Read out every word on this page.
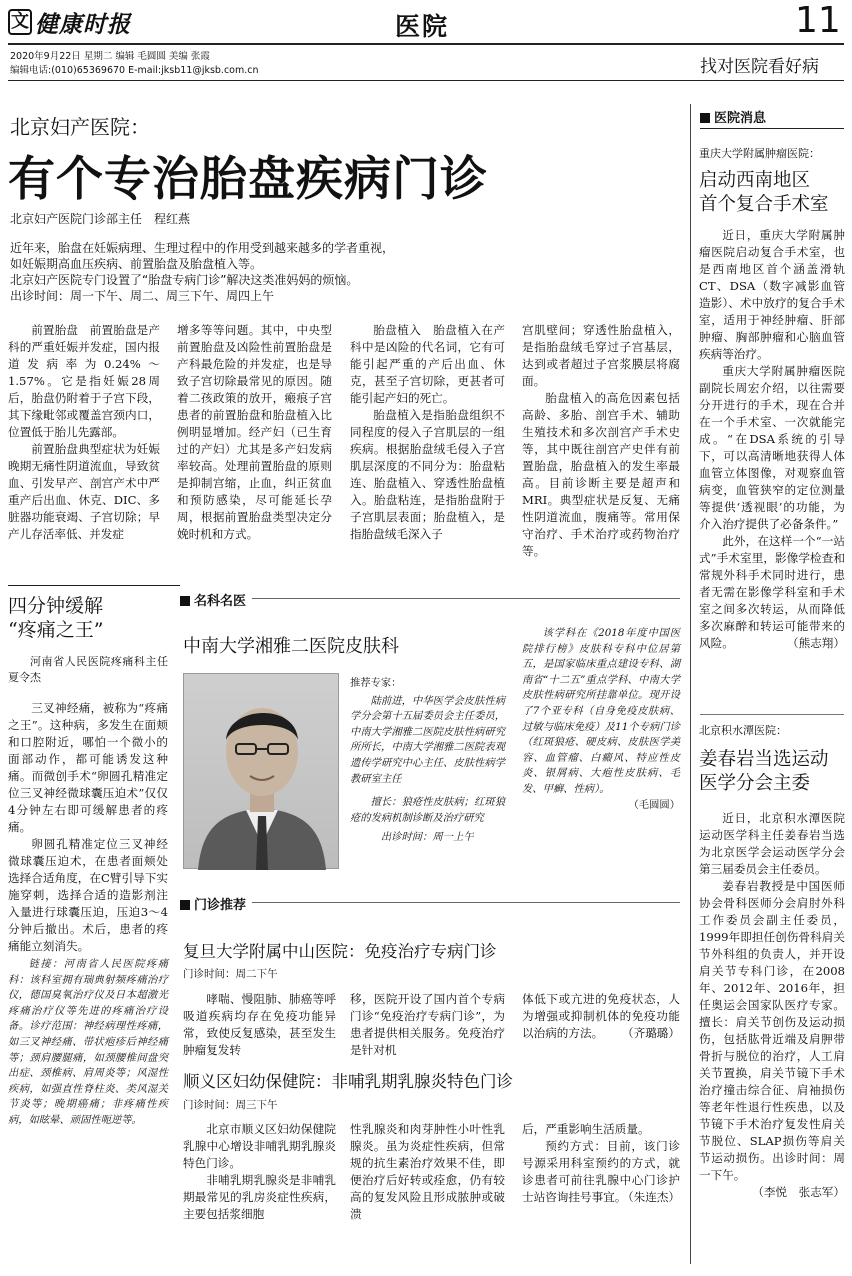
文 健康时报	医院	11
2020年9月22日 星期二 编辑 毛圆圆 美编 张霞
编辑电话:(010)65369670 E-mail:jksb11@jksb.com.cn	找对医院看好病
北京妇产医院：
有个专治胎盘疾病门诊
北京妇产医院门诊部主任　程红燕
近年来，胎盘在妊娠病理、生理过程中的作用受到越来越多的学者重视，
如妊娠期高血压疾病、前置胎盘及胎盘植入等。
北京妇产医院专门设置了“胎盘专病门诊”解决这类准妈妈的烦恼。
出诊时间：周一下午、周二、周三下午、周四上午

前置胎盘　前置胎盘是产科的严重妊娠并发症，国内报道发病率为0.24%～1.57%。它是指妊娠28周后，胎盘仍附着于子宫下段，其下缘毗邻或覆盖宫颈内口，位置低于胎儿先露部。

前置胎盘典型症状为妊娠晚期无痛性阴道流血，导致贫血、引发早产、剖宫产术中严重产后出血、休克、DIC、多脏器功能衰竭、子宫切除；早产儿存活率低、并发症

增多等等问题。其中，中央型前置胎盘及凶险性前置胎盘是产科最危险的并发症，也是导致子宫切除最常见的原因。随着二孩政策的放开，瘢痕子宫患者的前置胎盘和胎盘植入比例明显增加。经产妇（已生育过的产妇）尤其是多产妇发病率较高。处理前置胎盘的原则是抑制宫缩，止血，纠正贫血和预防感染，尽可能延长孕周，根据前置胎盘类型决定分娩时机和方式。

胎盘植入　胎盘植入在产科中是凶险的代名词，它有可能引起严重的产后出血、休克，甚至子宫切除，更甚者可能引起产妇的死亡。

胎盘植入是指胎盘组织不同程度的侵入子宫肌层的一组疾病。根据胎盘绒毛侵入子宫肌层深度的不同分为：胎盘粘连、胎盘植入、穿透性胎盘植入。胎盘粘连，是指胎盘附于子宫肌层表面；胎盘植入，是指胎盘绒毛深入子

宫肌壁间；穿透性胎盘植入，是指胎盘绒毛穿过子宫基层，达到或者超过子宫浆膜层将腐面。

胎盘植入的高危因素包括高龄、多胎、剖宫手术、辅助生殖技术和多次剖宫产手术史等，其中既往剖宫产史伴有前置胎盘，胎盘植入的发生率最高。目前诊断主要是超声和MRI。典型症状是反复、无痛性阴道流血，腹痛等。常用保守治疗、手术治疗或药物治疗等。

四分钟缓解
“疼痛之王”

河南省人民医院疼痛科主任　夏令杰

三叉神经痛，被称为“疼痛之王”。这种病，多发生在面颊和口腔附近，哪怕一个微小的面部动作，都可能诱发这种痛。而微创手术“卵圆孔精准定位三叉神经微球囊压迫术”仅仅4分钟左右即可缓解患者的疼痛。

卵圆孔精准定位三叉神经微球囊压迫术，在患者面颊处选择合适角度，在C臂引导下实施穿刺，选择合适的造影剂注入量进行球囊压迫，压迫3～4分钟后撤出。术后，患者的疼痛能立刻消失。

链接：河南省人民医院疼痛科：该科室拥有瑞典射频疼痛治疗仪，德国臭氧治疗仪及日本超激光疼痛治疗仪等先进的疼痛治疗设备。诊疗范围：神经病理性疼痛，如三叉神经痛、带状疱疹后神经痛等；颈肩腰腿痛，如颈腰椎间盘突出症、颈椎病、肩周炎等；风湿性疾病，如强直性脊柱炎、类风湿关节炎等；晚期癌痛；非疼痛性疾病，如眩晕、顽固性呃逆等。

名科名医
中南大学湘雅二医院皮肤科

推荐专家：

陆前进，中华医学会皮肤性病学分会第十五届委员会主任委员，中南大学湘雅二医院皮肤性病研究所所长，中南大学湘雅二医院表观遗传学研究中心主任、皮肤性病学教研室主任

擅长：狼疮性皮肤病；红斑狼疮的发病机制诊断及治疗研究

出诊时间：周一上午

该学科在《2018年度中国医院排行榜》皮肤科专科中位居第五，是国家临床重点建设专科、湖南省“十二五”重点学科、中南大学皮肤性病研究所挂靠单位。现开设了7个亚专科（自身免疫皮肤病、过敏与临床免疫）及11个专病门诊（红斑狼疮、硬皮病、皮肤医学美容、血管瘤、白癜风、特应性皮炎、银屑病、大疱性皮肤病、毛发、甲癣、性病）。

（毛圆圆）

门诊推荐
复旦大学附属中山医院：免疫治疗专病门诊
门诊时间：周二下午

哮喘、慢阻肺、肺癌等呼吸道疾病均存在免疫功能异常，致使反复感染，甚至发生肿瘤复发转

移，医院开设了国内首个专病门诊“免疫治疗专病门诊”，为患者提供相关服务。免疫治疗是针对机

体低下或亢进的免疫状态，人为增强或抑制机体的免疫功能以治病的方法。	（齐璐璐）

顺义区妇幼保健院：非哺乳期乳腺炎特色门诊
门诊时间：周三下午

北京市顺义区妇幼保健院乳腺中心增设非哺乳期乳腺炎特色门诊。

非哺乳期乳腺炎是非哺乳期最常见的乳房炎症性疾病，主要包括浆细胞

性乳腺炎和肉芽肿性小叶性乳腺炎。虽为炎症性疾病，但常规的抗生素治疗效果不佳，即便治疗后好转或痊愈，仍有较高的复发风险且形成脓肿或破溃

后，严重影响生活质量。

预约方式：目前，该门诊号源采用科室预约的方式，就诊患者可前往乳腺中心门诊护士站咨询挂号事宜。

（朱连杰）

医院消息
重庆大学附属肿瘤医院：
启动西南地区
首个复合手术室

近日，重庆大学附属肿瘤医院启动复合手术室，也是西南地区首个涵盖滑轨CT、DSA（数字减影血管造影）、术中放疗的复合手术室，适用于神经肿瘤、肝部肿瘤、胸部肿瘤和心脑血管疾病等治疗。

重庆大学附属肿瘤医院副院长周宏介绍，以往需要分开进行的手术，现在合并在一个手术室、一次就能完成。“在DSA系统的引导下，可以高清晰地获得人体血管立体图像，对观察血管病变，血管狭窄的定位测量等提供‘透视眼’的功能，为介入治疗提供了必备条件。”

此外，在这样一个“一站式”手术室里，影像学检查和常规外科手术同时进行，患者无需在影像学科室和手术室之间多次转运，从而降低多次麻醉和转运可能带来的风险。	（熊志翔）

北京积水潭医院：
姜春岩当选运动
医学分会主委

近日，北京积水潭医院运动医学科主任姜春岩当选为北京医学会运动医学分会第三届委员会主任委员。

姜春岩教授是中国医师协会骨科医师分会肩肘外科工作委员会副主任委员，1999年即担任创伤骨科肩关节外科组的负责人，并开设肩关节专科门诊，在2008年、2012年、2016年，担任奥运会国家队医疗专家。擅长：肩关节创伤及运动损伤，包括肱骨近端及肩胛带骨折与脱位的治疗，人工肩关节置换，肩关节镜下手术治疗撞击综合征、肩袖损伤等老年性退行性疾患，以及节镜下手术治疗复发性肩关节脱位、SLAP损伤等肩关节运动损伤。出诊时间：周一下午。

（李悦　张志军）
